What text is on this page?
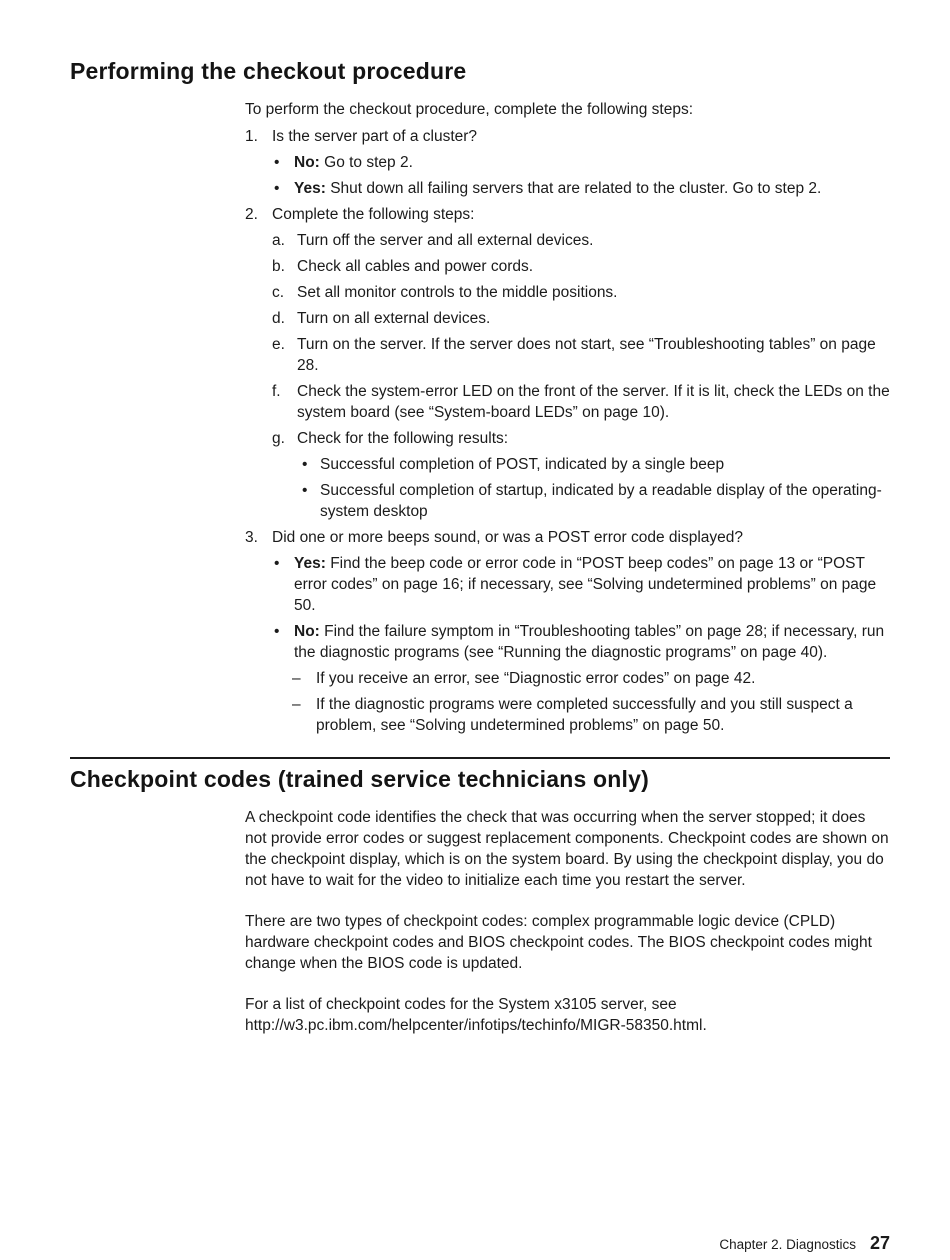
Performing the checkout procedure

To perform the checkout procedure, complete the following steps:

1. Is the server part of a cluster?
• No: Go to step 2.
• Yes: Shut down all failing servers that are related to the cluster. Go to step 2.
2. Complete the following steps:
a. Turn off the server and all external devices.
b. Check all cables and power cords.
c. Set all monitor controls to the middle positions.
d. Turn on all external devices.
e. Turn on the server. If the server does not start, see “Troubleshooting tables” on page 28.
f.	Check the system-error LED on the front of the server. If it is lit, check the LEDs on the system board (see “System-board LEDs” on page 10).
g. Check for the following results:
• Successful completion of POST, indicated by a single beep
• Successful completion of startup, indicated by a readable display of the operating-system desktop
3. Did one or more beeps sound, or was a POST error code displayed?
• Yes: Find the beep code or error code in “POST beep codes” on page 13 or “POST error codes” on page 16; if necessary, see “Solving undetermined problems” on page 50.
• No: Find the failure symptom in “Troubleshooting tables” on page 28; if necessary, run the diagnostic programs (see “Running the diagnostic programs” on page 40).
– If you receive an error, see “Diagnostic error codes” on page 42.
– If the diagnostic programs were completed successfully and you still suspect a problem, see “Solving undetermined problems” on page 50.
Checkpoint codes (trained service technicians only)

A checkpoint code identifies the check that was occurring when the server stopped; it does not provide error codes or suggest replacement components. Checkpoint codes are shown on the checkpoint display, which is on the system board. By using the checkpoint display, you do not have to wait for the video to initialize each time you restart the server.

There are two types of checkpoint codes: complex programmable logic device (CPLD) hardware checkpoint codes and BIOS checkpoint codes. The BIOS checkpoint codes might change when the BIOS code is updated.

For a list of checkpoint codes for the System x3105 server, see http://w3.pc.ibm.com/helpcenter/infotips/techinfo/MIGR-58350.html.

Chapter 2. Diagnostics 27
